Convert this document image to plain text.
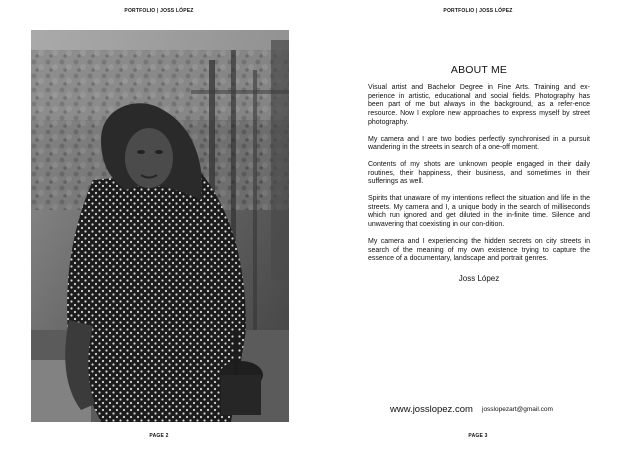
PORTFOLIO | JOSS LÓPEZ
PAGE 2
PORTFOLIO | JOSS LÓPEZ
ABOUT ME

Visual artist and Bachelor Degree in Fine Arts. Training and ex-perience in artistic, educational and social fields. Photography has been part of me but always in the background, as a refer-ence resource. Now I explore new approaches to express myself by street photography.

My camera and I are two bodies perfectly synchronised in a pursuit wandering in the streets in search of a one-off moment.

Contents of my shots are unknown people engaged in their daily routines, their happiness, their business, and sometimes in their sufferings as well.

Spirits that unaware of my intentions reflect the situation and life in the streets. My camera and I, a unique body in the search of milliseconds which run ignored and get diluted in the in-finite time. Silence and unwavering that coexisting in our con-dition.

My camera and I experiencing the hidden secrets on city streets in search of the meaning of my own existence trying to capture the essence of a documentary, landscape and portrait genres.

Joss López
www.josslopez.com josslopezart@gmail.com
PAGE 3
